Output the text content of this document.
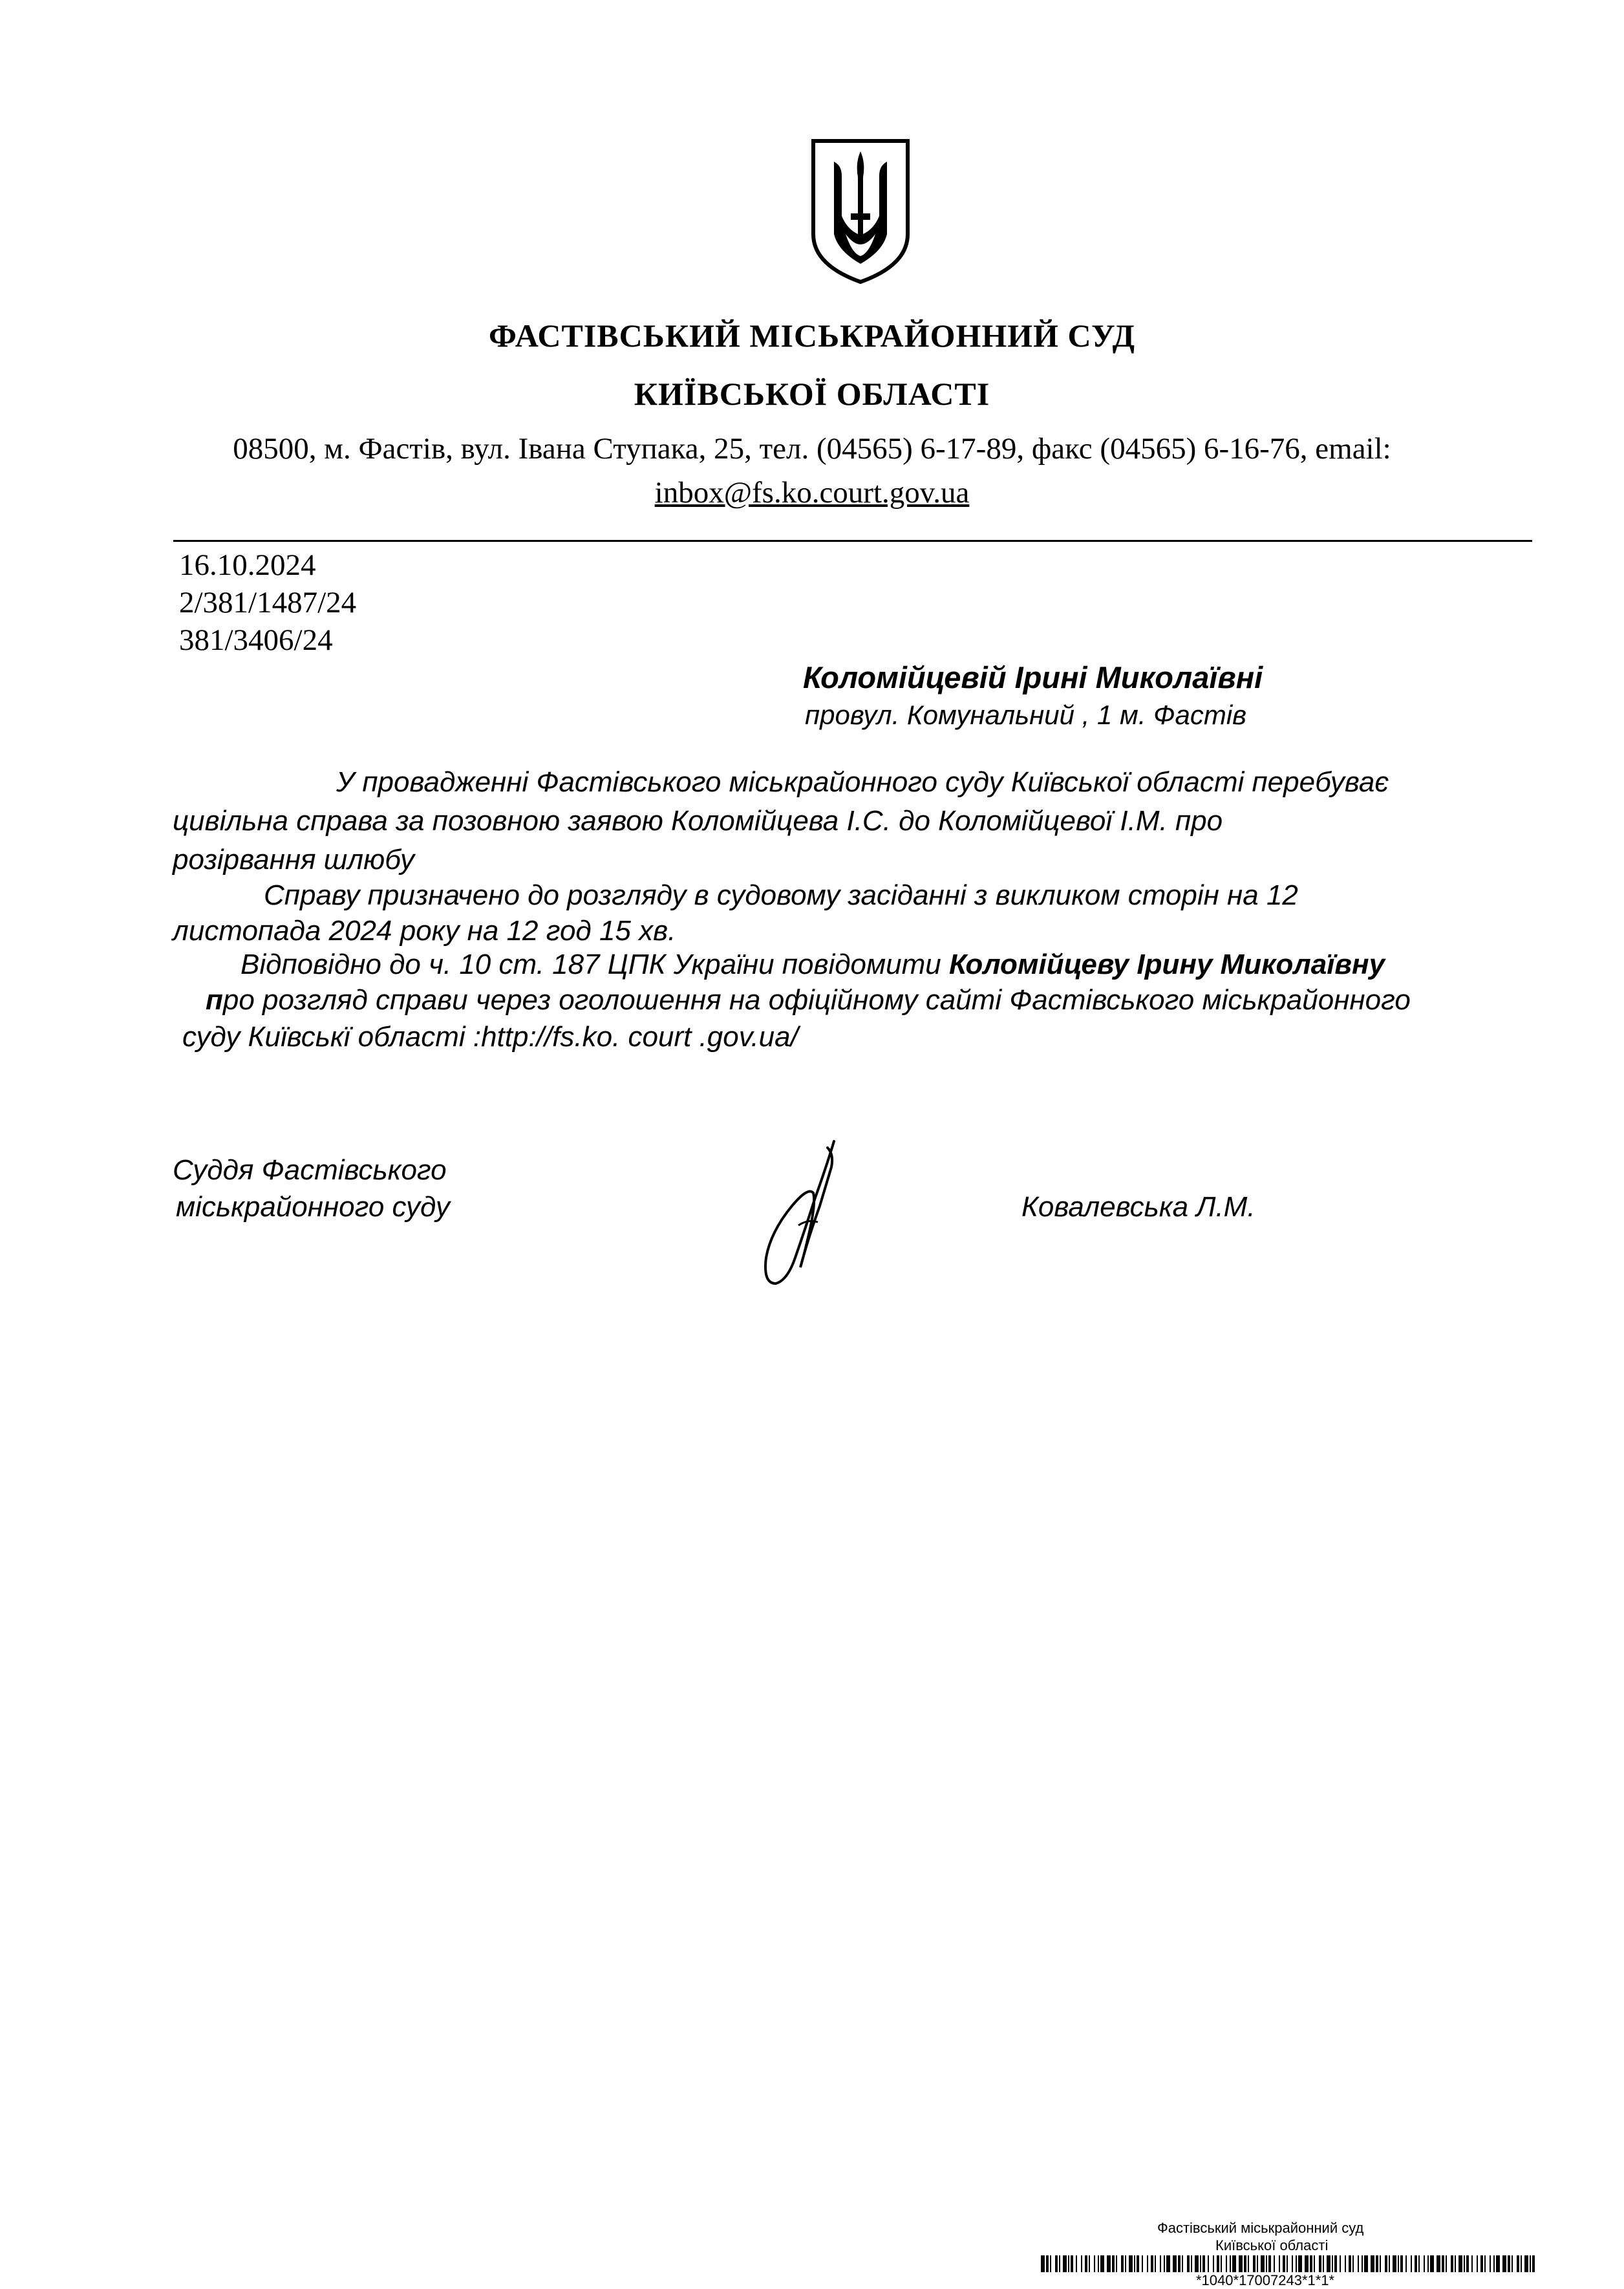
ФАСТІВСЬКИЙ МІСЬКРАЙОННИЙ СУД
КИЇВСЬКОЇ ОБЛАСТІ
08500, м. Фастів, вул. Івана Ступака, 25, тел. (04565) 6-17-89, факс (04565) 6-16-76, email:
inbox@fs.ko.court.gov.ua
16.10.2024
2/381/1487/24
381/3406/24
Коломійцевій Ірині Миколаївні
провул. Комунальний , 1 м. Фастів
У провадженні Фастівського міськрайонного суду Київської області перебуває
цивільна справа за позовною заявою Коломійцева І.С. до Коломійцевої І.М. про
розірвання шлюбу
Справу призначено до розгляду в судовому засіданні з викликом сторін на 12
листопада 2024 року на 12 год 15 хв.
Відповідно до ч. 10 ст. 187 ЦПК України повідомити Коломійцеву Ірину Миколаївну
про розгляд справи через оголошення на офіційному сайті Фастівського міськрайонного
суду Київськї області :http://fs.ko. court .gov.ua/
Суддя Фастівського
міськрайонного суду	Ковалевська Л.М.
Фастівський міськрайонний суд
Київської області
*1040*17007243*1*1*
